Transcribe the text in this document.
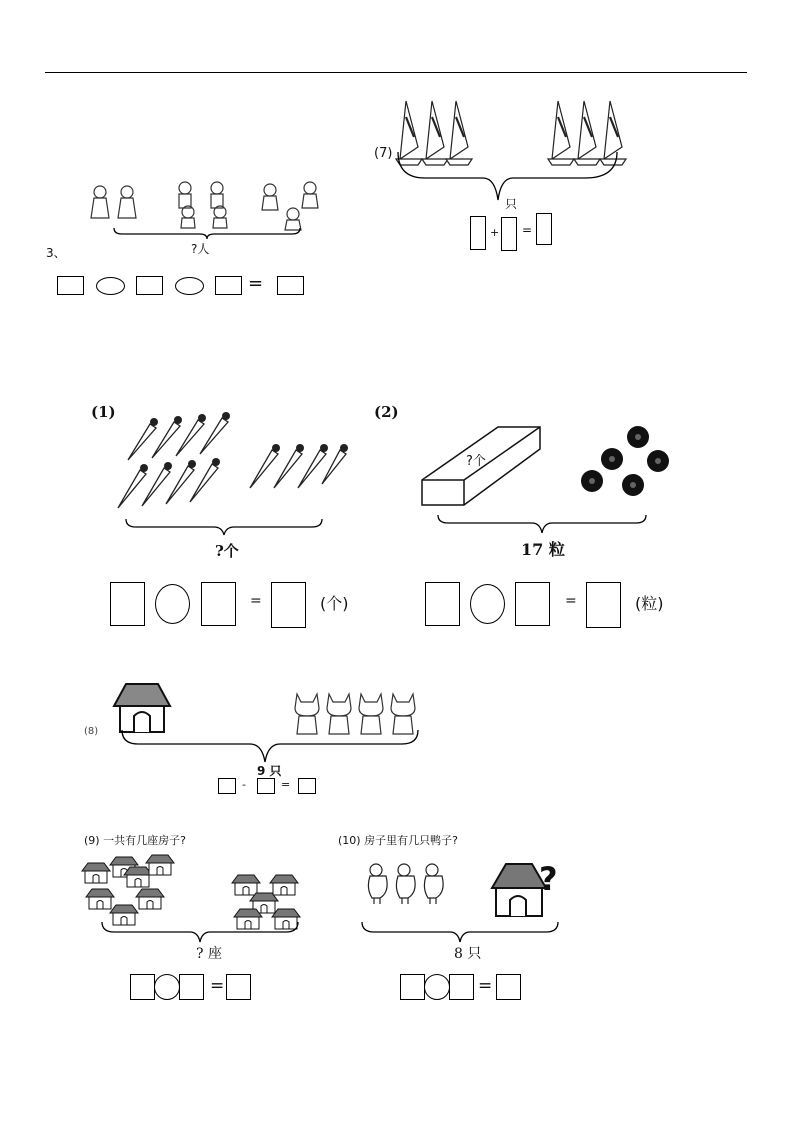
?人
3、
=
(7)
只
+ =
(1)
?个
=	(个)
(2)
?个
17 粒
=	(粒)
(8)
9 只
-	=
(9) 一共有几座房子?
? 座
=
(10) 房子里有几只鸭子?
?
8 只
=
